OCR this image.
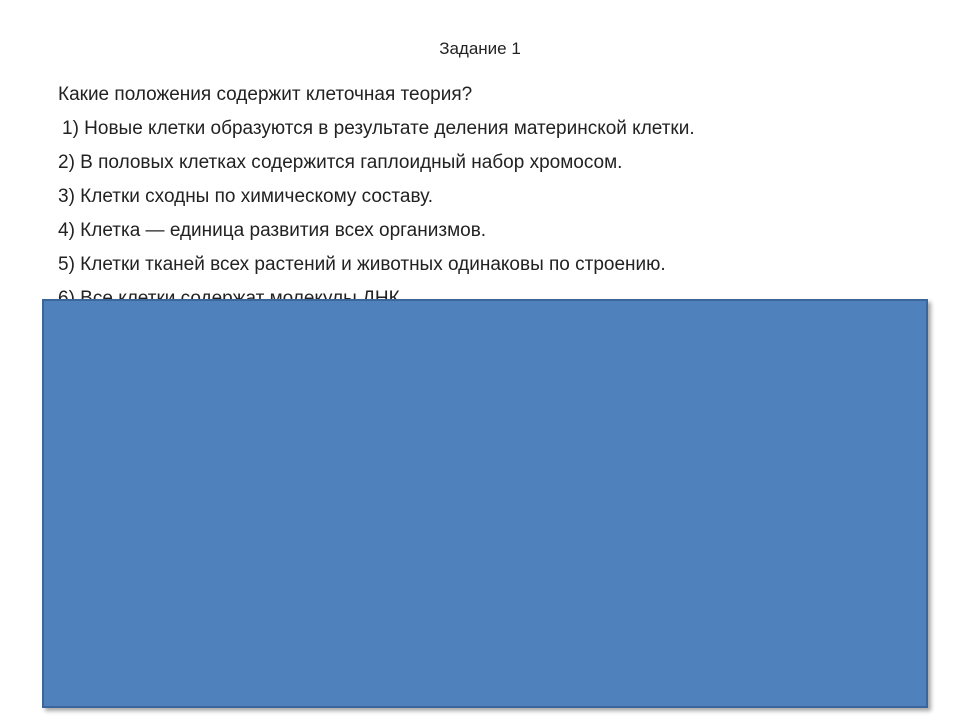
Задание 1
Какие положения содержит клеточная теория?
1) Новые клетки образуются в результате деления материнской клетки.
2) В половых клетках содержится гаплоидный набор хромосом.
3) Клетки сходны по химическому составу.
4) Клетка — единица развития всех организмов.
5) Клетки тканей всех растений и животных одинаковы по строению.
